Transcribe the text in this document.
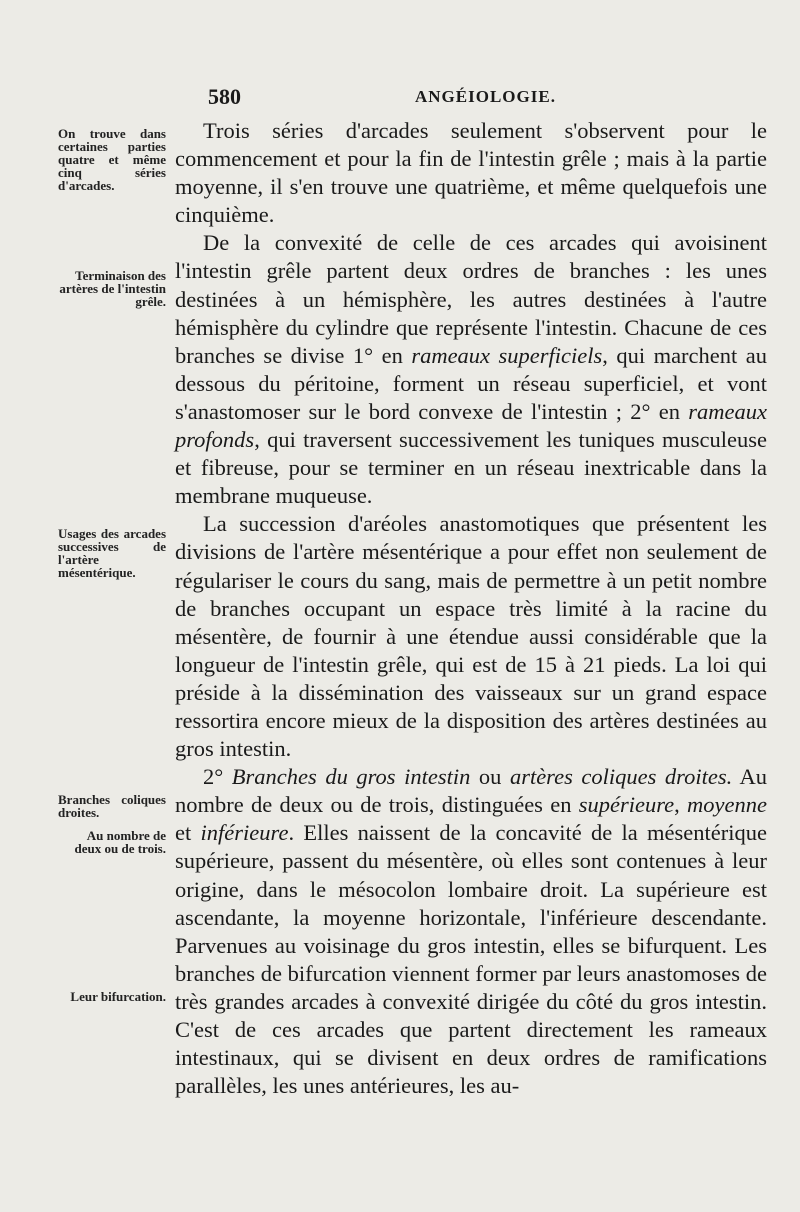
580	ANGÉIOLOGIE.
On trouve dans certaines parties quatre et même cinq séries d'arcades.
Terminaison des artères de l'intestin grêle.
Usages des arcades successives de l'artère mésentérique.
Branches coliques droites.
Au nombre de deux ou de trois.
Leur bifurcation.

Trois séries d'arcades seulement s'observent pour le commencement et pour la fin de l'intestin grêle ; mais à la partie moyenne, il s'en trouve une quatrième, et même quelquefois une cinquième.

De la convexité de celle de ces arcades qui avoisinent l'intestin grêle partent deux ordres de branches : les unes destinées à un hémisphère, les autres destinées à l'autre hémisphère du cylindre que représente l'intestin. Chacune de ces branches se divise 1° en rameaux superficiels, qui marchent au dessous du péritoine, forment un réseau superficiel, et vont s'anastomoser sur le bord convexe de l'intestin ; 2° en rameaux profonds, qui traversent successivement les tuniques musculeuse et fibreuse, pour se terminer en un réseau inextricable dans la membrane muqueuse.

La succession d'aréoles anastomotiques que présentent les divisions de l'artère mésentérique a pour effet non seulement de régulariser le cours du sang, mais de permettre à un petit nombre de branches occupant un espace très limité à la racine du mésentère, de fournir à une étendue aussi considérable que la longueur de l'intestin grêle, qui est de 15 à 21 pieds. La loi qui préside à la dissémination des vaisseaux sur un grand espace ressortira encore mieux de la disposition des artères destinées au gros intestin.

2° Branches du gros intestin ou artères coliques droites. Au nombre de deux ou de trois, distinguées en supérieure, moyenne et inférieure. Elles naissent de la concavité de la mésentérique supérieure, passent du mésentère, où elles sont contenues à leur origine, dans le mésocolon lombaire droit. La supérieure est ascendante, la moyenne horizontale, l'inférieure descendante. Parvenues au voisinage du gros intestin, elles se bifurquent. Les branches de bifurcation viennent former par leurs anastomoses de très grandes arcades à convexité dirigée du côté du gros intestin. C'est de ces arcades que partent directement les rameaux intestinaux, qui se divisent en deux ordres de ramifications parallèles, les unes antérieures, les au-
